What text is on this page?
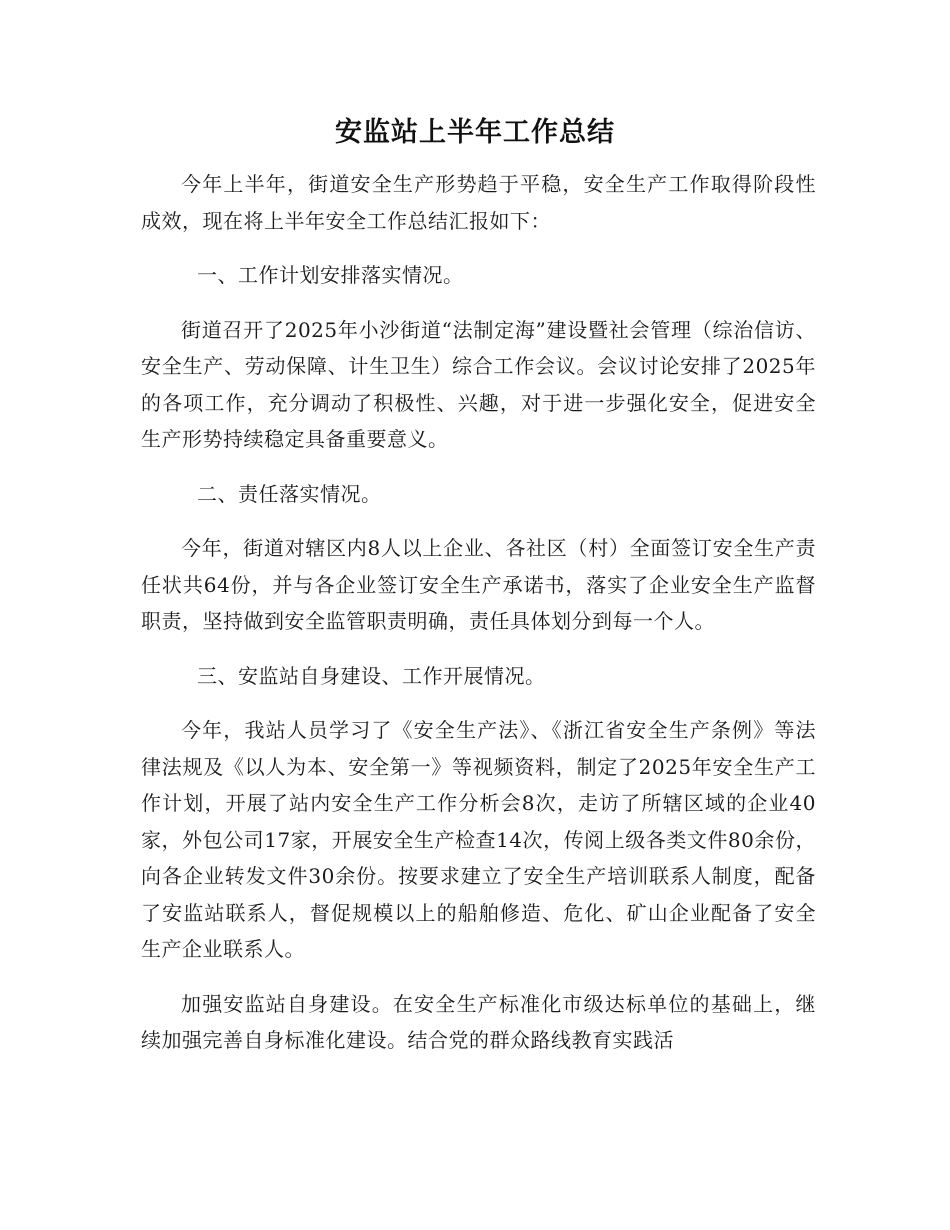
安监站上半年工作总结

今年上半年，街道安全生产形势趋于平稳，安全生产工作取得阶段性成效，现在将上半年安全工作总结汇报如下：

一、工作计划安排落实情况。

街道召开了2025年小沙街道“法制定海”建设暨社会管理（综治信访、安全生产、劳动保障、计生卫生）综合工作会议。会议讨论安排了2025年的各项工作，充分调动了积极性、兴趣，对于进一步强化安全，促进安全生产形势持续稳定具备重要意义。

二、责任落实情况。

今年，街道对辖区内8人以上企业、各社区（村）全面签订安全生产责任状共64份，并与各企业签订安全生产承诺书，落实了企业安全生产监督职责，坚持做到安全监管职责明确，责任具体划分到每一个人。

三、安监站自身建设、工作开展情况。

今年，我站人员学习了《安全生产法》、《浙江省安全生产条例》等法律法规及《以人为本、安全第一》等视频资料，制定了2025年安全生产工作计划，开展了站内安全生产工作分析会8次，走访了所辖区域的企业40家，外包公司17家，开展安全生产检查14次，传阅上级各类文件80余份，向各企业转发文件30余份。按要求建立了安全生产培训联系人制度，配备了安监站联系人，督促规模以上的船舶修造、危化、矿山企业配备了安全生产企业联系人。

加强安监站自身建设。在安全生产标准化市级达标单位的基础上，继续加强完善自身标准化建设。结合党的群众路线教育实践活
